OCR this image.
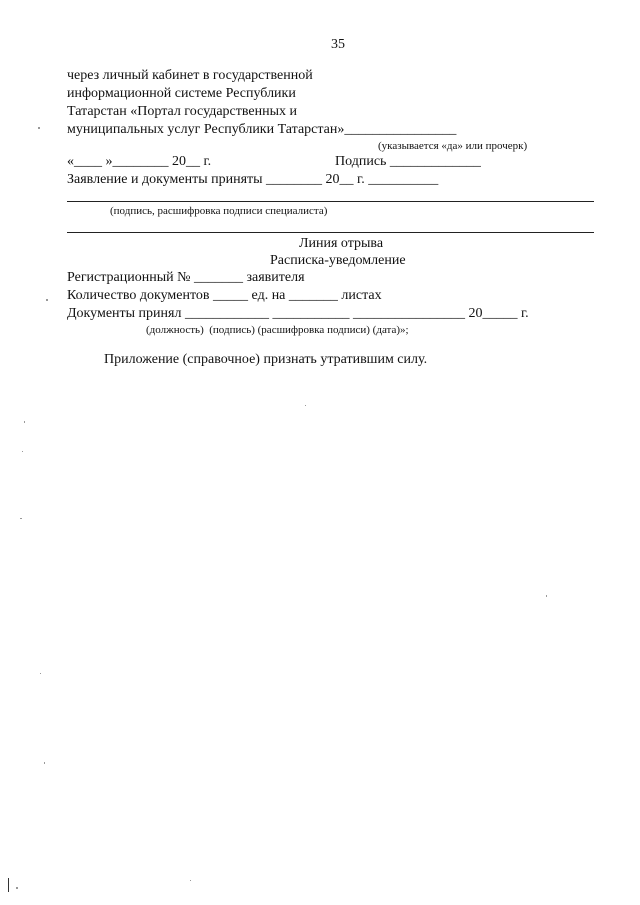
35
через личный кабинет в государственной
информационной системе Республики
Татарстан «Портал государственных и
муниципальных услуг Республики Татарстан»________________
(указывается «да» или прочерк)
«____ »________ 20__ г.	Подпись _____________
Заявление и документы приняты ________ 20__ г. __________
(подпись, расшифровка подписи специалиста)
Линия отрыва
Расписка-уведомление
Регистрационный № _______ заявителя
Количество документов _____ ед. на _______ листах
Документы принял ____________ ___________ ________________ 20_____ г.
(должность)  (подпись) (расшифровка подписи) (дата)»;
Приложение (справочное) признать утратившим силу.
